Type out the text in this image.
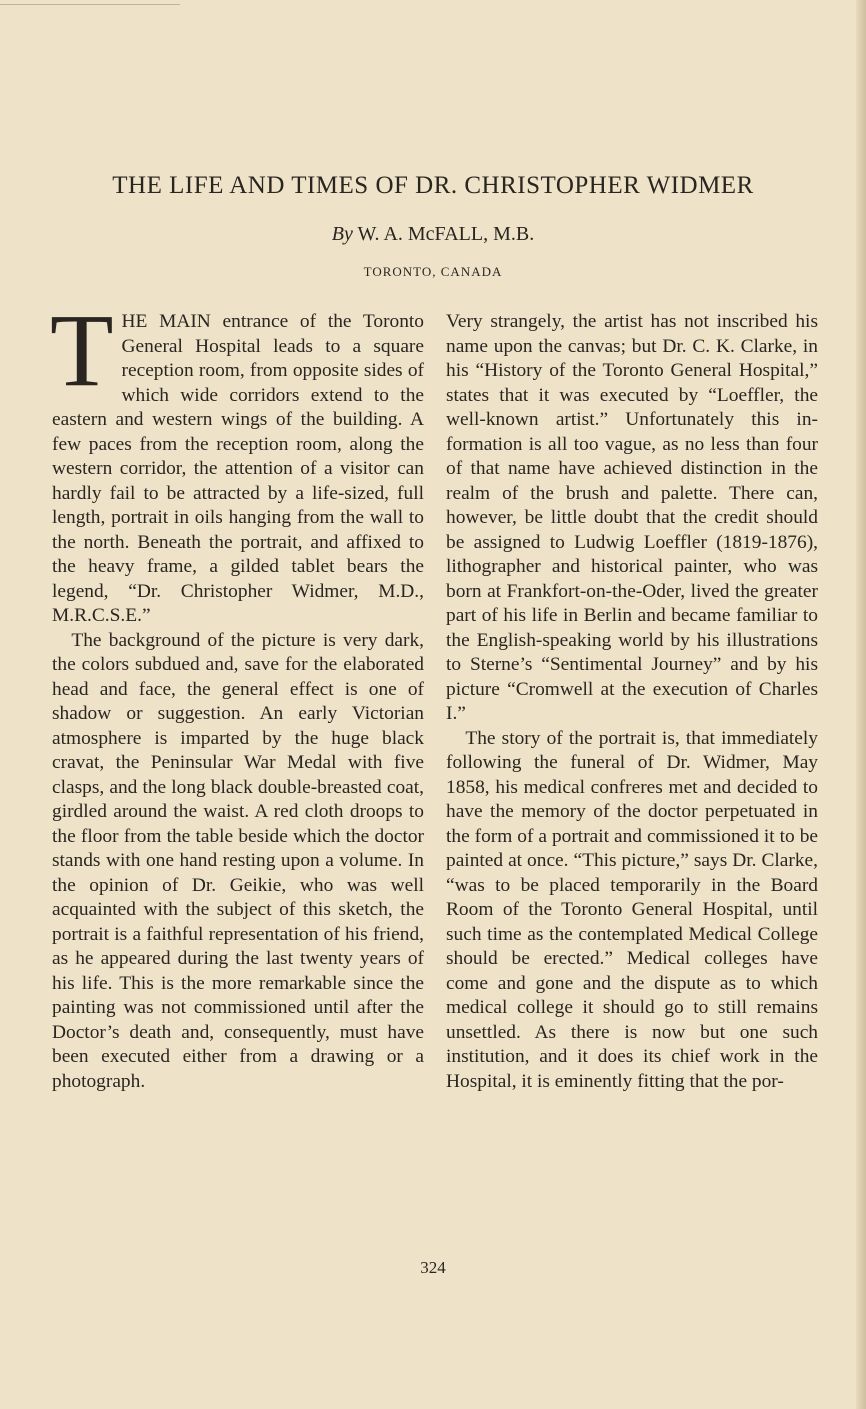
THE LIFE AND TIMES OF DR. CHRISTOPHER WIDMER
By W. A. McFALL, M.B.
TORONTO, CANADA

THE MAIN entrance of the Toronto General Hospital leads to a square reception room, from opposite sides of which wide corridors extend to the eastern and western wings of the building. A few paces from the reception room, along the western corridor, the attention of a visitor can hardly fail to be attracted by a life-sized, full length, portrait in oils hanging from the wall to the north. Beneath the portrait, and affixed to the heavy frame, a gilded tablet bears the legend, “Dr. Christopher Widmer, M.D., M.R.C.S.E.”

The background of the picture is very dark, the colors subdued and, save for the elaborated head and face, the general effect is one of shadow or suggestion. An early Victorian atmosphere is imparted by the huge black cravat, the Peninsular War Medal with five clasps, and the long black double-breasted coat, girdled around the waist. A red cloth droops to the floor from the table beside which the doctor stands with one hand resting upon a volume. In the opinion of Dr. Geikie, who was well acquainted with the subject of this sketch, the portrait is a faithful representation of his friend, as he appeared during the last twenty years of his life. This is the more remarkable since the painting was not commissioned until after the Doctor’s death and, consequently, must have been executed either from a drawing or a photograph.

Very strangely, the artist has not inscribed his name upon the canvas; but Dr. C. K. Clarke, in his “History of the Toronto General Hospital,” states that it was executed by “Loeffler, the well-known artist.” Unfortunately this information is all too vague, as no less than four of that name have achieved distinction in the realm of the brush and palette. There can, however, be little doubt that the credit should be assigned to Ludwig Loeffler (1819-1876), lithographer and historical painter, who was born at Frankfort-on-the-Oder, lived the greater part of his life in Berlin and became familiar to the English-speaking world by his illustrations to Sterne’s “Sentimental Journey” and by his picture “Cromwell at the execution of Charles I.”

The story of the portrait is, that immediately following the funeral of Dr. Widmer, May 1858, his medical confreres met and decided to have the memory of the doctor perpetuated in the form of a portrait and commissioned it to be painted at once. “This picture,” says Dr. Clarke, “was to be placed temporarily in the Board Room of the Toronto General Hospital, until such time as the contemplated Medical College should be erected.” Medical colleges have come and gone and the dispute as to which medical college it should go to still remains unsettled. As there is now but one such institution, and it does its chief work in the Hospital, it is eminently fitting that the por-

324
